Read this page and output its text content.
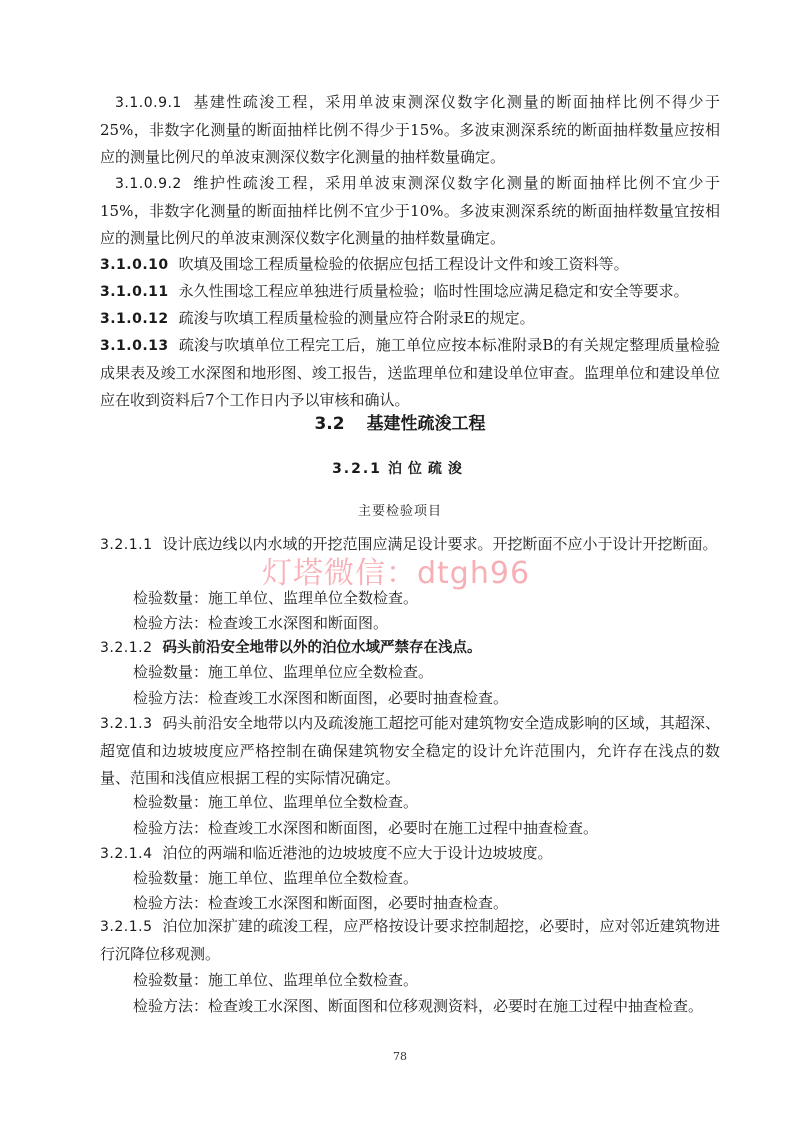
3.1.0.9.1 基建性疏浚工程，采用单波束测深仪数字化测量的断面抽样比例不得少于25%，非数字化测量的断面抽样比例不得少于15%。多波束测深系统的断面抽样数量应按相应的测量比例尺的单波束测深仪数字化测量的抽样数量确定。

3.1.0.9.2 维护性疏浚工程，采用单波束测深仪数字化测量的断面抽样比例不宜少于15%，非数字化测量的断面抽样比例不宜少于10%。多波束测深系统的断面抽样数量宜按相应的测量比例尺的单波束测深仪数字化测量的抽样数量确定。

3.1.0.10 吹填及围埝工程质量检验的依据应包括工程设计文件和竣工资料等。

3.1.0.11 永久性围埝工程应单独进行质量检验；临时性围埝应满足稳定和安全等要求。

3.1.0.12 疏浚与吹填工程质量检验的测量应符合附录E的规定。

3.1.0.13 疏浚与吹填单位工程完工后，施工单位应按本标准附录B的有关规定整理质量检验成果表及竣工水深图和地形图、竣工报告，送监理单位和建设单位审查。监理单位和建设单位应在收到资料后7个工作日内予以审核和确认。

3.2 基建性疏浚工程
3.2.1 泊位疏浚
主要检验项目

3.2.1.1 设计底边线以内水域的开挖范围应满足设计要求。开挖断面不应小于设计开挖断面。

检验数量：施工单位、监理单位全数检查。

检验方法：检查竣工水深图和断面图。

3.2.1.2 码头前沿安全地带以外的泊位水域严禁存在浅点。

检验数量：施工单位、监理单位应全数检查。

检验方法：检查竣工水深图和断面图，必要时抽查检查。

3.2.1.3 码头前沿安全地带以内及疏浚施工超挖可能对建筑物安全造成影响的区域，其超深、超宽值和边坡坡度应严格控制在确保建筑物安全稳定的设计允许范围内，允许存在浅点的数量、范围和浅值应根据工程的实际情况确定。

检验数量：施工单位、监理单位全数检查。

检验方法：检查竣工水深图和断面图，必要时在施工过程中抽查检查。

3.2.1.4 泊位的两端和临近港池的边坡坡度不应大于设计边坡坡度。

检验数量：施工单位、监理单位全数检查。

检验方法：检查竣工水深图和断面图，必要时抽查检查。

3.2.1.5 泊位加深扩建的疏浚工程，应严格按设计要求控制超挖，必要时，应对邻近建筑物进行沉降位移观测。

检验数量：施工单位、监理单位全数检查。

检验方法：检查竣工水深图、断面图和位移观测资料，必要时在施工过程中抽查检查。

灯塔微信：dtgh96
78
